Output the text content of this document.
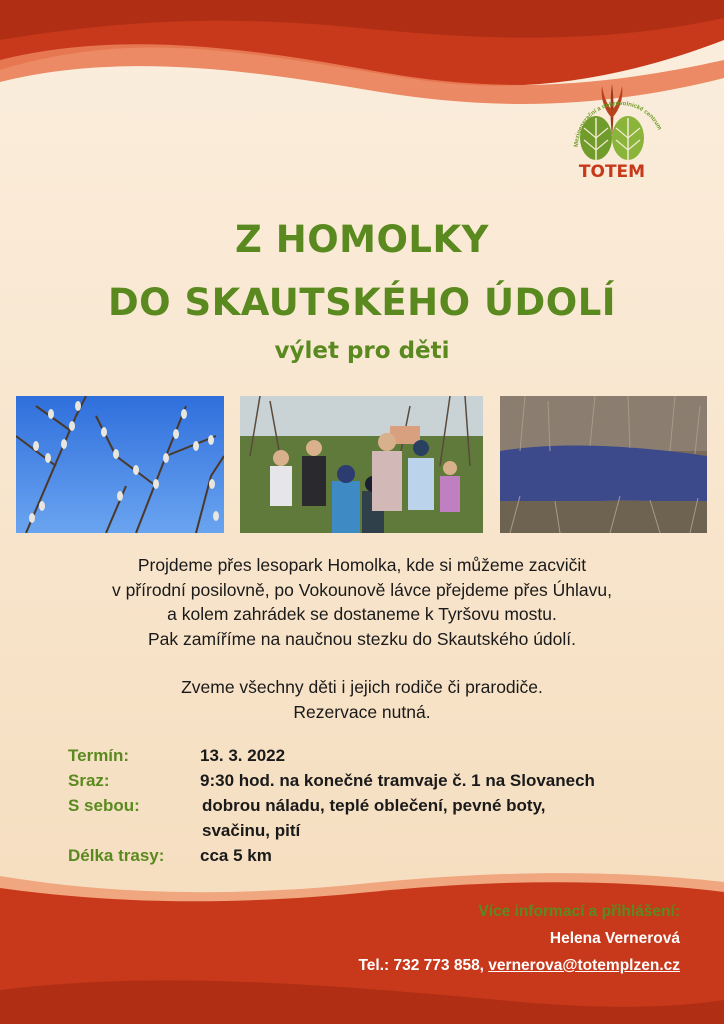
TOTEM
Mezigenerační a dobrovolnické centrum
Z HOMOLKY
DO SKAUTSKÉHO ÚDOLÍ
výlet pro děti
Projdeme přes lesopark Homolka, kde si můžeme zacvičit
v přírodní posilovně, po Vokounově lávce přejdeme přes Úhlavu,
a kolem zahrádek se dostaneme k Tyršovu mostu.
Pak zamíříme na naučnou stezku do Skautského údolí.
Zveme všechny děti i jejich rodiče či prarodiče.
Rezervace nutná.
Termín:	13. 3. 2022
Sraz:	9:30 hod. na konečné tramvaje č. 1 na Slovanech
S sebou:	dobrou náladu, teplé oblečení, pevné boty,
svačinu, pití
Délka trasy: cca 5 km
Více informací a přihlášení:
Helena Vernerová
Tel.: 732 773 858, vernerova@totemplzen.cz
